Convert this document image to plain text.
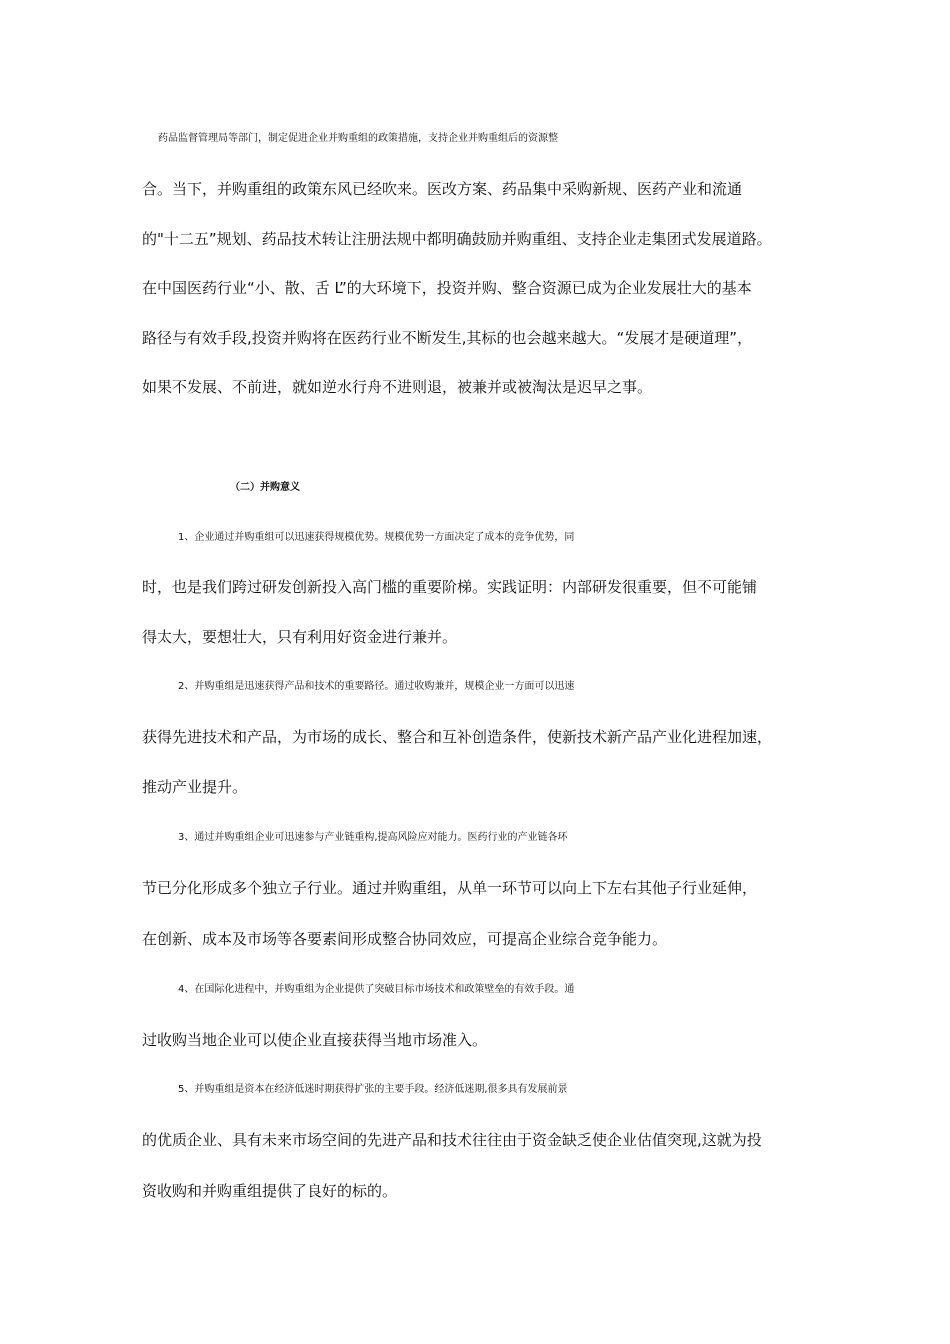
药品监督管理局等部门，制定促进企业并购重组的政策措施，支持企业并购重组后的资源整
合。当下，并购重组的政策东风已经吹来。医改方案、药品集中采购新规、医药产业和流通
的"十二五”规划、药品技术转让注册法规中都明确鼓励并购重组、支持企业走集团式发展道路。
在中国医药行业“小、散、舌 L”的大环境下，投资并购、整合资源已成为企业发展壮大的基本
路径与有效手段,投资并购将在医药行业不断发生,其标的也会越来越大。“发展才是硬道理”，
如果不发展、不前进，就如逆水行舟不进则退，被兼并或被淘汰是迟早之事。
（二）并购意义
1、企业通过并购重组可以迅速获得规模优势。规模优势一方面决定了成本的竞争优势，同
时，也是我们跨过研发创新投入高门槛的重要阶梯。实践证明：内部研发很重要，但不可能铺
得太大，要想壮大，只有利用好资金进行兼并。
2、并购重组是迅速获得产品和技术的重要路径。通过收购兼并，规模企业一方面可以迅速
获得先进技术和产品，为市场的成长、整合和互补创造条件，使新技术新产品产业化进程加速，
推动产业提升。
3、通过并购重组企业可迅速参与产业链重构,提高风险应对能力。医药行业的产业链各环
节已分化形成多个独立子行业。通过并购重组，从单一环节可以向上下左右其他子行业延伸，
在创新、成本及市场等各要素间形成整合协同效应，可提高企业综合竞争能力。
4、在国际化进程中，并购重组为企业提供了突破目标市场技术和政策壁垒的有效手段。通
过收购当地企业可以使企业直接获得当地市场准入。
5、并购重组是资本在经济低迷时期获得扩张的主要手段。经济低迷期,很多具有发展前景
的优质企业、具有未来市场空间的先进产品和技术往往由于资金缺乏使企业估值突现,这就为投
资收购和并购重组提供了良好的标的。
